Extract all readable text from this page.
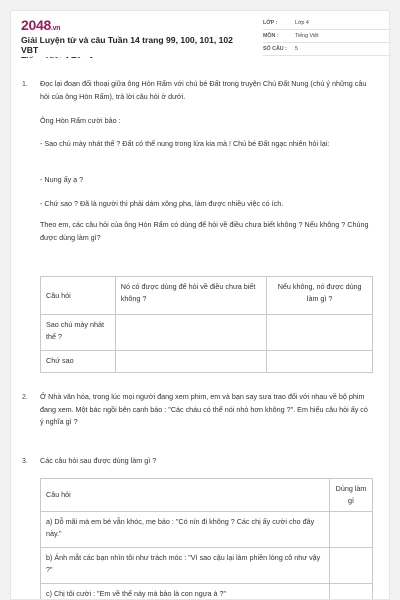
2048.vn
Giải Luyện từ và câu Tuần 14 trang 99, 100, 101, 102 VBT
LỚP :	Lớp 4
MÔN :	Tiếng Việt
SỐ CÂU : 5
1. Đọc lại đoạn đối thoại giữa ông Hòn Rấm với chú bé Đất trong truyện Chú Đất Nung (chú ý những câu hỏi của ông Hòn Rấm), trả lời câu hỏi ở dưới.
Ông Hòn Rấm cười bảo :
- Sao chú mày nhát thế ? Đất có thể nung trong lửa kia mà ! Chú bé Đất ngạc nhiên hỏi lại:
- Nung ấy ạ ?
- Chứ sao ? Đã là người thì phải dám xông pha, làm được nhiều việc có ích.
Theo em, các câu hỏi của ông Hòn Rấm có dùng để hỏi về điều chưa biết không ? Nếu không ? Chúng được dùng làm gì?
Câu hỏi	Nó có được dùng để hỏi về điều chưa biết không ?	Nếu không, nó được dùng làm gì ?
Sao chú mày nhát thế ?		
Chứ sao		
2. Ở Nhà văn hóa, trong lúc mọi người đang xem phim, em và bạn say sưa trao đổi với nhau về bộ phim đang xem. Một bác ngồi bên cạnh bảo : "Các cháu có thể nói nhỏ hơn không ?". Em hiểu câu hỏi ấy có ý nghĩa gì ?
3. Các câu hỏi sau được dùng làm gì ?
Câu hỏi	Dùng làm gì
a) Dỗ mãi mà em bé vẫn khóc, mẹ bảo : "Có nín đi không ? Các chị ấy cười cho đây này."	
b) Ánh mắt các bạn nhìn tôi như trách móc : "Vì sao cậu lại làm phiền lòng cô như vậy ?"	
c) Chị tôi cười : "Em về thế này mà bảo là con ngựa à ?"	
